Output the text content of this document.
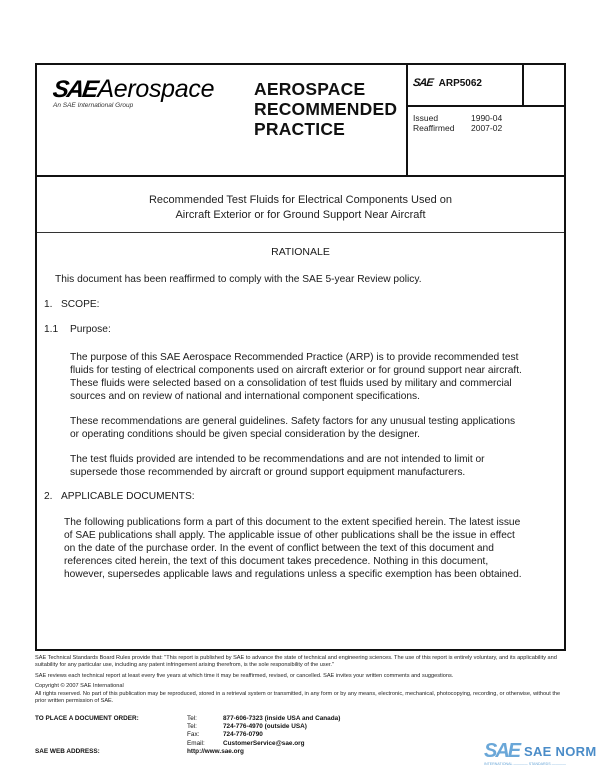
SAE Aerospace
An SAE International Group
AEROSPACE
RECOMMENDED
PRACTICE
SAE ARP5062
Issued	1990-04
Reaffirmed	2007-02
Recommended Test Fluids for Electrical Components Used on
Aircraft Exterior or for Ground Support Near Aircraft
RATIONALE
This document has been reaffirmed to comply with the SAE 5-year Review policy.
1. SCOPE:
1.1 Purpose:
The purpose of this SAE Aerospace Recommended Practice (ARP) is to provide recommended test
fluids for testing of electrical components used on aircraft exterior or for ground support near aircraft.
These fluids were selected based on a consolidation of test fluids used by military and commercial
sources and on review of national and international component specifications.
These recommendations are general guidelines. Safety factors for any unusual testing applications
or operating conditions should be given special consideration by the designer.
The test fluids provided are intended to be recommendations and are not intended to limit or
supersede those recommended by aircraft or ground support equipment manufacturers.
2. APPLICABLE DOCUMENTS:
The following publications form a part of this document to the extent specified herein. The latest issue
of SAE publications shall apply. The applicable issue of other publications shall be the issue in effect
on the date of the purchase order. In the event of conflict between the text of this document and
references cited herein, the text of this document takes precedence. Nothing in this document,
however, supersedes applicable laws and regulations unless a specific exemption has been obtained.

SAE Technical Standards Board Rules provide that: "This report is published by SAE to advance the state of technical and engineering sciences. The use of this report is entirely voluntary, and its applicability and suitability for any particular use, including any patent infringement arising therefrom, is the sole responsibility of the user."

SAE reviews each technical report at least every five years at which time it may be reaffirmed, revised, or cancelled. SAE invites your written comments and suggestions.

Copyright © 2007 SAE International

All rights reserved. No part of this publication may be reproduced, stored in a retrieval system or transmitted, in any form or by any means, electronic, mechanical, photocopying, recording, or otherwise, without the prior written permission of SAE.

TO PLACE A DOCUMENT ORDER:	Tel:	877-606-7323 (inside USA and Canada)
Tel:	724-776-4970 (outside USA)
Fax:	724-776-0790
Email:	CustomerService@sae.org
SAE WEB ADDRESS:	http://www.sae.org	SAE SAE NORM
INTERNATIONAL ———— STANDARDS ————
